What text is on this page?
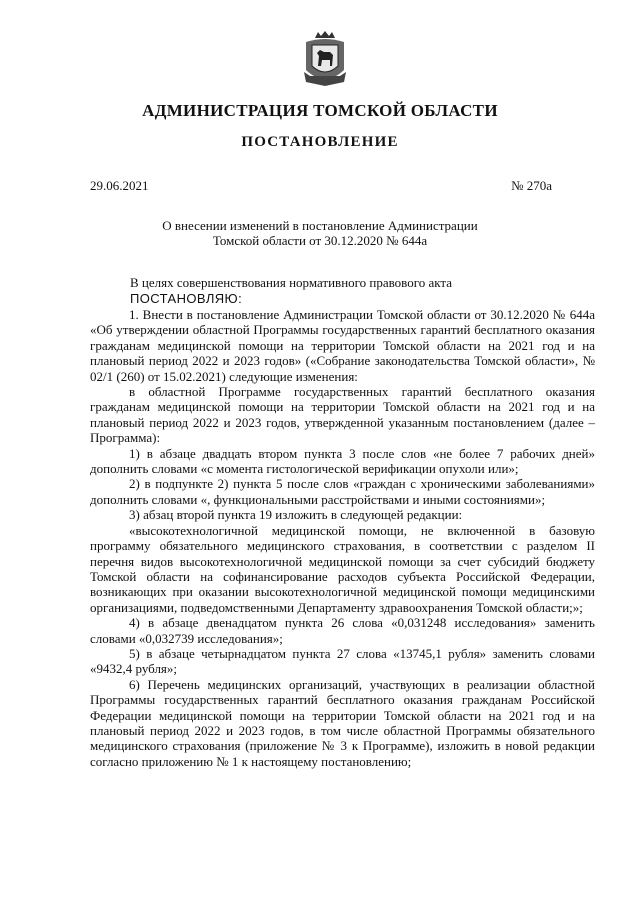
АДМИНИСТРАЦИЯ ТОМСКОЙ ОБЛАСТИ
ПОСТАНОВЛЕНИЕ
29.06.2021	№ 270а
О внесении изменений в постановление Администрации
Томской области от 30.12.2020 № 644а
В целях совершенствования нормативного правового акта
ПОСТАНОВЛЯЮ:

1. Внести в постановление Администрации Томской области от 30.12.2020 № 644а «Об утверждении областной Программы государственных гарантий бесплатного оказания гражданам медицинской помощи на территории Томской области на 2021 год и на плановый период 2022 и 2023 годов» («Собрание законодательства Томской области», № 02/1 (260) от 15.02.2021) следующие изменения:

в областной Программе государственных гарантий бесплатного оказания гражданам медицинской помощи на территории Томской области на 2021 год и на плановый период 2022 и 2023 годов, утвержденной указанным постановлением (далее – Программа):

1) в абзаце двадцать втором пункта 3 после слов «не более 7 рабочих дней» дополнить словами «с момента гистологической верификации опухоли или»;

2) в подпункте 2) пункта 5 после слов «граждан с хроническими заболеваниями» дополнить словами «, функциональными расстройствами и иными состояниями»;

3) абзац второй пункта 19 изложить в следующей редакции:

«высокотехнологичной медицинской помощи, не включенной в базовую программу обязательного медицинского страхования, в соответствии с разделом II перечня видов высокотехнологичной медицинской помощи за счет субсидий бюджету Томской области на софинансирование расходов субъекта Российской Федерации, возникающих при оказании высокотехнологичной медицинской помощи медицинскими организациями, подведомственными Департаменту здравоохранения Томской области;»;

4) в абзаце двенадцатом пункта 26 слова «0,031248 исследования» заменить словами «0,032739 исследования»;

5) в абзаце четырнадцатом пункта 27 слова «13745,1 рубля» заменить словами «9432,4 рубля»;

6) Перечень медицинских организаций, участвующих в реализации областной Программы государственных гарантий бесплатного оказания гражданам Российской Федерации медицинской помощи на территории Томской области на 2021 год и на плановый период 2022 и 2023 годов, в том числе областной Программы обязательного медицинского страхования (приложение № 3 к Программе), изложить в новой редакции согласно приложению № 1 к настоящему постановлению;
